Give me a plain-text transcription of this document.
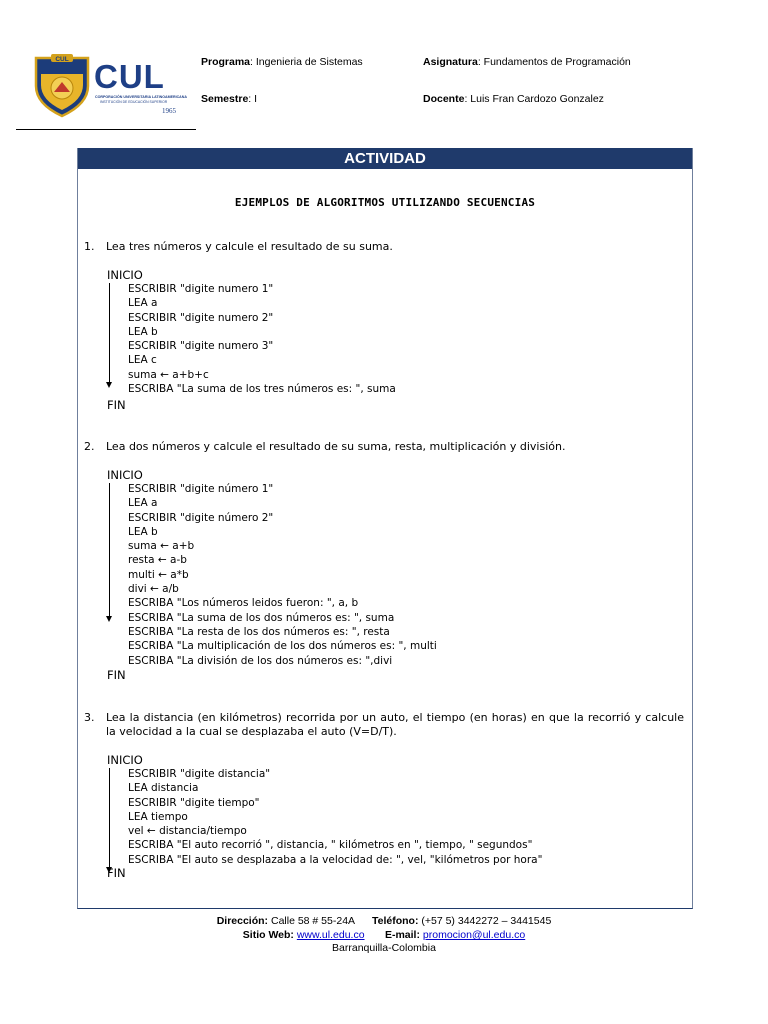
CUL CUL
CORPORACIÓN UNIVERSITARIA LATINOAMERICANA
INSTITUCIÓN DE EDUCACIÓN SUPERIOR
1965
Programa: Ingenieria de Sistemas	Asignatura: Fundamentos de Programación
Semestre: I	Docente: Luis Fran Cardozo Gonzalez
ACTIVIDAD
EJEMPLOS DE ALGORITMOS UTILIZANDO SECUENCIAS
1. Lea tres números y calcule el resultado de su suma.
INICIO
ESCRIBIR "digite numero 1"
LEA a
ESCRIBIR "digite numero 2"
LEA b
ESCRIBIR "digite numero 3"
LEA c
suma ← a+b+c
ESCRIBA "La suma de los tres números es: ", suma
FIN
2. Lea dos números y calcule el resultado de su suma, resta, multiplicación y división.
INICIO
ESCRIBIR "digite número 1"
LEA a
ESCRIBIR "digite número 2"
LEA b
suma ← a+b
resta ← a-b
multi ← a*b
divi ← a/b
ESCRIBA "Los números leidos fueron: ", a, b
ESCRIBA "La suma de los dos números es: ", suma
ESCRIBA "La resta de los dos números es: ", resta
ESCRIBA "La multiplicación de los dos números es: ", multi
ESCRIBA "La división de los dos números es: ",divi
FIN
3. Lea la distancia (en kilómetros) recorrida por un auto, el tiempo (en horas) en que la recorrió y calcule la velocidad a la cual se desplazaba el auto (V=D/T).
INICIO
ESCRIBIR "digite distancia"
LEA distancia
ESCRIBIR "digite tiempo"
LEA tiempo
vel ← distancia/tiempo
ESCRIBA "El auto recorrió ", distancia, " kilómetros en ", tiempo, " segundos"
ESCRIBA "El auto se desplazaba a la velocidad de: ", vel, "kilómetros por hora"
FIN
Dirección: Calle 58 # 55-24A Teléfono: (+57 5) 3442272 – 3441545
Sitio Web: www.ul.edu.co E-mail: promocion@ul.edu.co
Barranquilla-Colombia
